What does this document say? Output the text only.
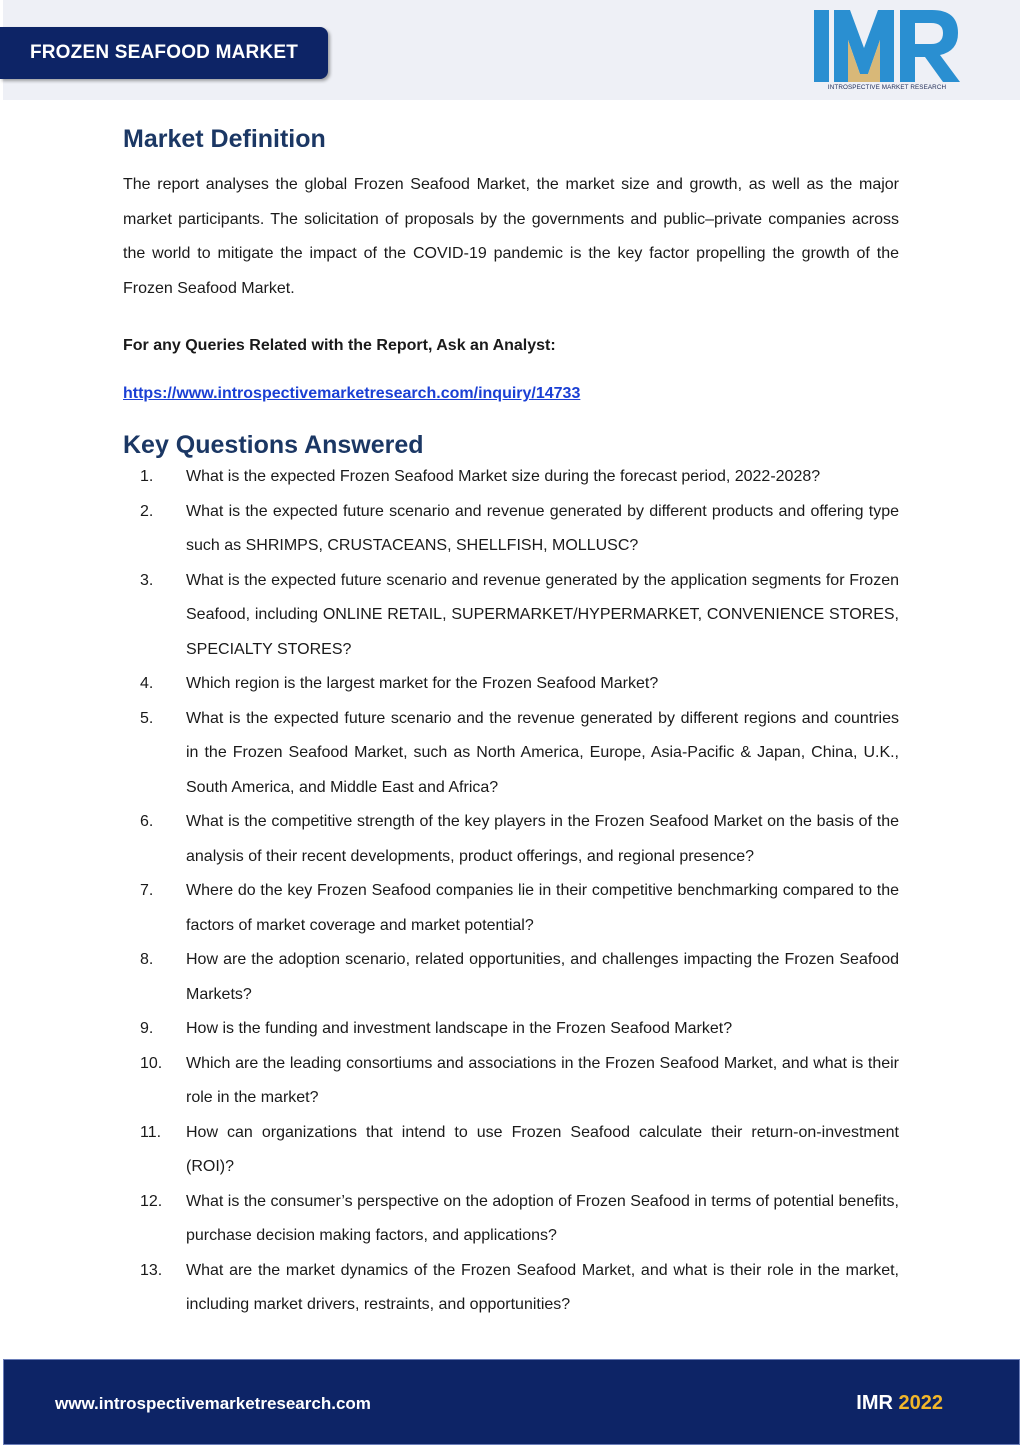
FROZEN SEAFOOD MARKET
INTROSPECTIVE MARKET RESEARCH
Market Definition

The report analyses the global Frozen Seafood Market, the market size and growth, as well as the major market participants. The solicitation of proposals by the governments and public–private companies across the world to mitigate the impact of the COVID-19 pandemic is the key factor propelling the growth of the Frozen Seafood Market.

For any Queries Related with the Report, Ask an Analyst:
https://www.introspectivemarketresearch.com/inquiry/14733
Key Questions Answered
1.	What is the expected Frozen Seafood Market size during the forecast period, 2022-2028?
2.	What is the expected future scenario and revenue generated by different products and offering type such as SHRIMPS, CRUSTACEANS, SHELLFISH, MOLLUSC?
3.	What is the expected future scenario and revenue generated by the application segments for Frozen Seafood, including ONLINE RETAIL, SUPERMARKET/HYPERMARKET, CONVENIENCE STORES, SPECIALTY STORES?
4.	Which region is the largest market for the Frozen Seafood Market?
5.	What is the expected future scenario and the revenue generated by different regions and countries in the Frozen Seafood Market, such as North America, Europe, Asia-Pacific & Japan, China, U.K., South America, and Middle East and Africa?
6.	What is the competitive strength of the key players in the Frozen Seafood Market on the basis of the analysis of their recent developments, product offerings, and regional presence?
7.	Where do the key Frozen Seafood companies lie in their competitive benchmarking compared to the factors of market coverage and market potential?
8.	How are the adoption scenario, related opportunities, and challenges impacting the Frozen Seafood Markets?
9.	How is the funding and investment landscape in the Frozen Seafood Market?
10.	Which are the leading consortiums and associations in the Frozen Seafood Market, and what is their role in the market?
11.	How can organizations that intend to use Frozen Seafood calculate their return-on-investment (ROI)?
12.	What is the consumer’s perspective on the adoption of Frozen Seafood in terms of potential benefits, purchase decision making factors, and applications?
13.	What are the market dynamics of the Frozen Seafood Market, and what is their role in the market, including market drivers, restraints, and opportunities?
www.introspectivemarketresearch.com	IMR 2022
